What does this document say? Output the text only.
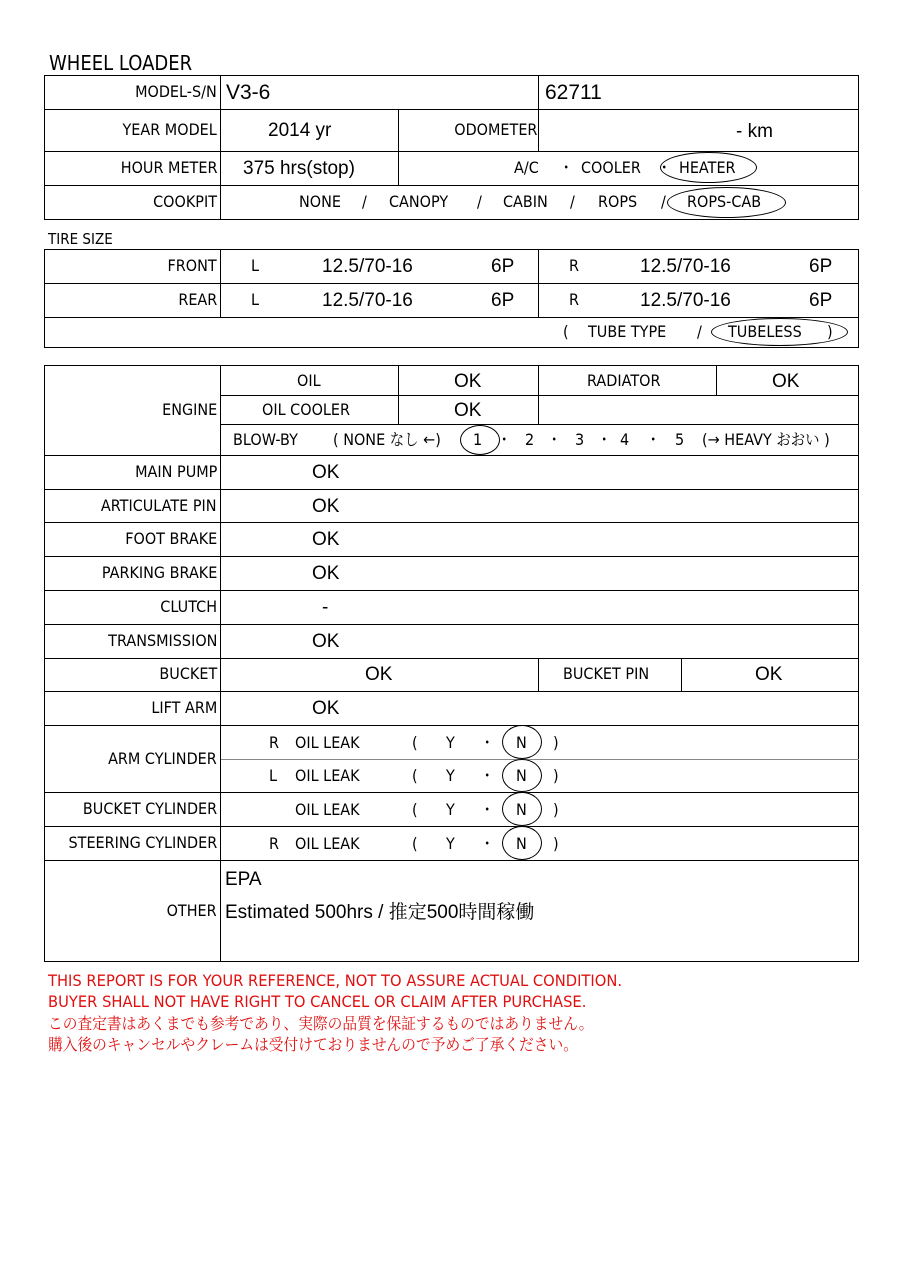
WHEEL LOADER
MODEL-S/N V3-6	62711
YEAR MODEL	2014 yr	ODOMETER	- km
HOUR METER 375 hrs(stop)	A/C ・ COOLER ・ HEATER
COOKPIT	NONE / CANOPY / CABIN / ROPS / ROPS-CAB
TIRE SIZE
FRONT L	12.5/70-16	6P	R	12.5/70-16	6P
REAR L	12.5/70-16	6P	R	12.5/70-16	6P
( TUBE TYPE / TUBELESS )
ENGINE
OIL	OK	RADIATOR	OK
OIL COOLER	OK
BLOW-BY ( NONE なし ←) 1 ・ 2 ・ 3 ・ 4 ・ 5 (→ HEAVY おおい )
MAIN PUMP	OK
ARTICULATE PIN	OK
FOOT BRAKE	OK
PARKING BRAKE	OK
CLUTCH	-
TRANSMISSION	OK
BUCKET	OK	BUCKET PIN	OK
LIFT ARM	OK
ARM CYLINDER
R OIL LEAK	( Y ・ N )
L OIL LEAK	( Y ・ N )
BUCKET CYLINDER	OIL LEAK	( Y ・ N )
STEERING CYLINDER	R OIL LEAK	( Y ・ N )
OTHER
EPA
Estimated 500hrs / 推定500時間稼働
THIS REPORT IS FOR YOUR REFERENCE, NOT TO ASSURE ACTUAL CONDITION.
BUYER SHALL NOT HAVE RIGHT TO CANCEL OR CLAIM AFTER PURCHASE.
この査定書はあくまでも参考であり、実際の品質を保証するものではありません。
購入後のキャンセルやクレームは受付けておりませんので予めご了承ください。
